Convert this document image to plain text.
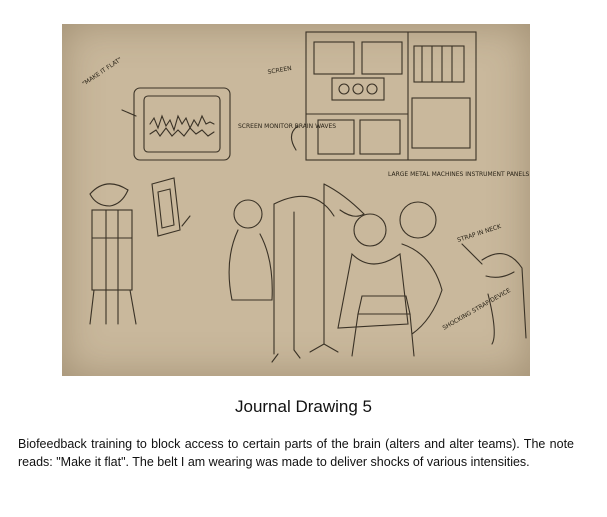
"MAKE IT FLAT"	SCREEN
SCREEN MONITOR BRAIN WAVES
LARGE METAL MACHINES INSTRUMENT PANELS
STRAP IN NECK
SHOCKING STRAP DEVICE
Journal Drawing 5
Biofeedback training to block access to certain parts of the brain (alters and alter teams). The note reads: "Make it flat". The belt I am wearing was made to deliver shocks of various intensities.
